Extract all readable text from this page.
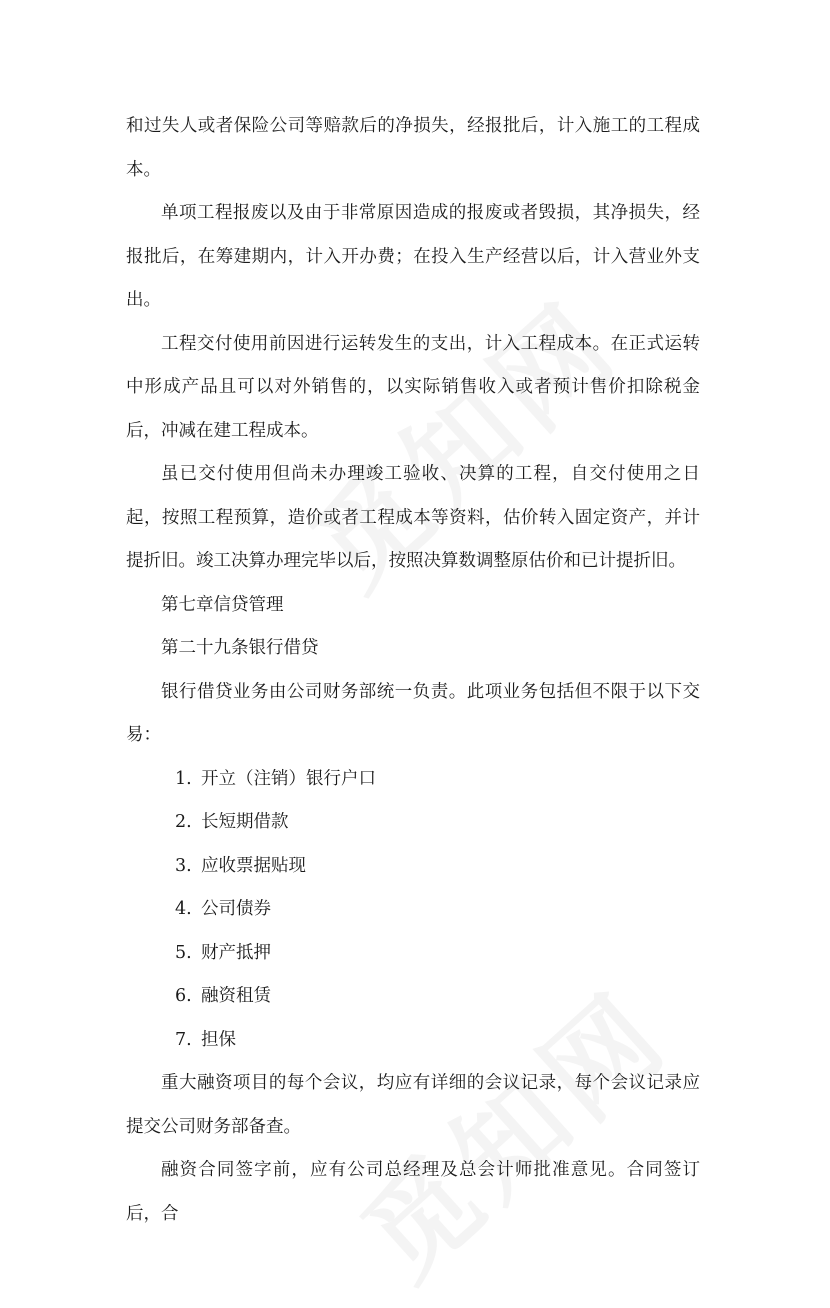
和过失人或者保险公司等赔款后的净损失，经报批后，计入施工的工程成本。

单项工程报废以及由于非常原因造成的报废或者毁损，其净损失，经报批后，在筹建期内，计入开办费；在投入生产经营以后，计入营业外支出。

工程交付使用前因进行运转发生的支出，计入工程成本。在正式运转中形成产品且可以对外销售的，以实际销售收入或者预计售价扣除税金后，冲减在建工程成本。

虽已交付使用但尚未办理竣工验收、决算的工程，自交付使用之日起，按照工程预算，造价或者工程成本等资料，估价转入固定资产，并计提折旧。竣工决算办理完毕以后，按照决算数调整原估价和已计提折旧。

第七章信贷管理

第二十九条银行借贷

银行借贷业务由公司财务部统一负责。此项业务包括但不限于以下交易：

1. 开立（注销）银行户口
2. 长短期借款
3. 应收票据贴现
4. 公司债券
5. 财产抵押
6. 融资租赁
7. 担保

重大融资项目的每个会议，均应有详细的会议记录，每个会议记录应提交公司财务部备查。

融资合同签字前，应有公司总经理及总会计师批准意见。合同签订后，合
